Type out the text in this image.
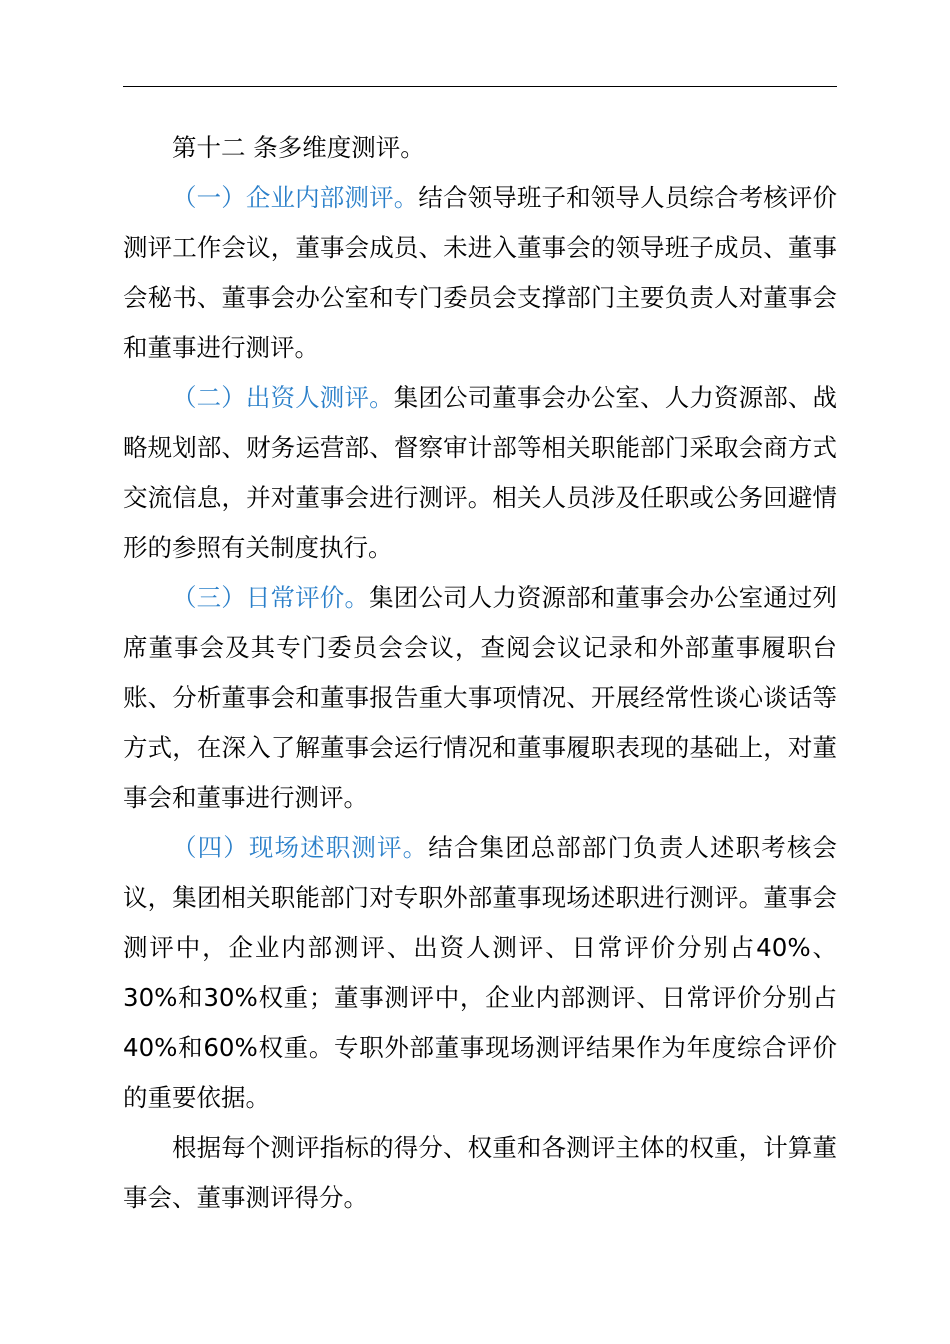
第十二 条多维度测评。

（一）企业内部测评。结合领导班子和领导人员综合考核评价测评工作会议，董事会成员、未进入董事会的领导班子成员、董事会秘书、董事会办公室和专门委员会支撑部门主要负责人对董事会和董事进行测评。

（二）出资人测评。集团公司董事会办公室、人力资源部、战略规划部、财务运营部、督察审计部等相关职能部门采取会商方式交流信息，并对董事会进行测评。相关人员涉及任职或公务回避情形的参照有关制度执行。

（三）日常评价。集团公司人力资源部和董事会办公室通过列席董事会及其专门委员会会议，查阅会议记录和外部董事履职台账、分析董事会和董事报告重大事项情况、开展经常性谈心谈话等方式，在深入了解董事会运行情况和董事履职表现的基础上，对董事会和董事进行测评。

（四）现场述职测评。结合集团总部部门负责人述职考核会议，集团相关职能部门对专职外部董事现场述职进行测评。董事会测评中，企业内部测评、出资人测评、日常评价分别占40%、30%和30%权重；董事测评中，企业内部测评、日常评价分别占40%和60%权重。专职外部董事现场测评结果作为年度综合评价的重要依据。

根据每个测评指标的得分、权重和各测评主体的权重，计算董事会、董事测评得分。
